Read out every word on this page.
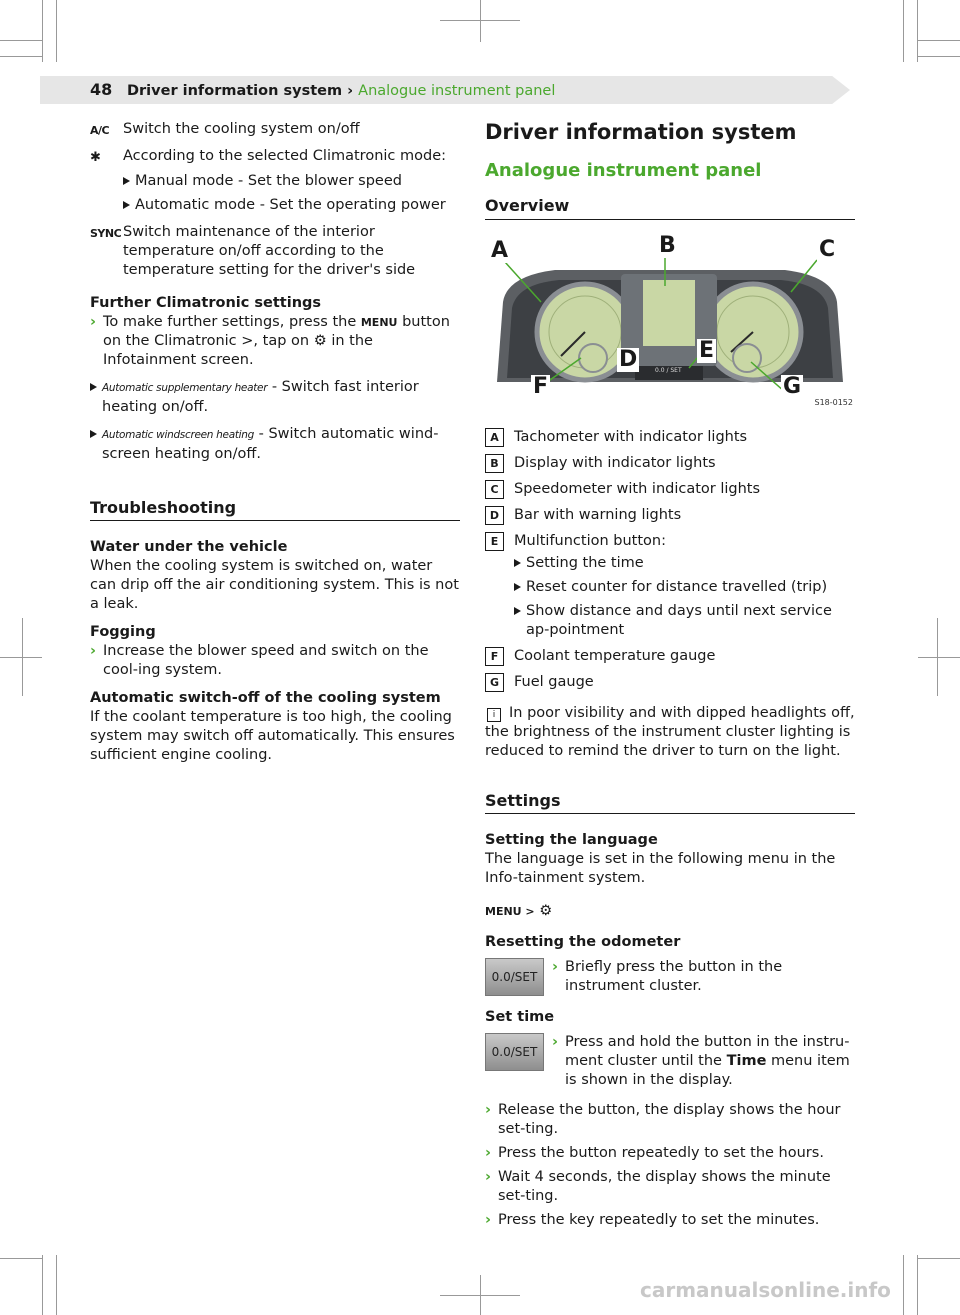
48 Driver information system › Analogue instrument panel
A/C Switch the cooling system on/off
✱ According to the selected Climatronic mode:
Manual mode - Set the blower speed
Automatic mode - Set the operating power
SYNC Switch maintenance of the interior temperature on/off according to the temperature setting for the driver's side
Further Climatronic settings
› To make further settings, press the MENU button on the Climatronic >, tap on ⚙ in the Infotainment screen.
Automatic supplementary heater - Switch fast interior heating on/off.
Automatic windscreen heating - Switch automatic wind-screen heating on/off.
Troubleshooting
Water under the vehicle

When the cooling system is switched on, water can drip off the air conditioning system. This is not a leak.

Fogging
› Increase the blower speed and switch on the cool-ing system.
Automatic switch-off of the cooling system

If the coolant temperature is too high, the cooling system may switch off automatically. This ensures sufficient engine cooling.

Driver information system
Analogue instrument panel
Overview
0.0 / SET
A	B	C
D	E
F	G
S18-0152
A	Tachometer with indicator lights
B	Display with indicator lights
C	Speedometer with indicator lights
D	Bar with warning lights
E	Multifunction button:
Setting the time
Reset counter for distance travelled (trip)
Show distance and days until next service ap-pointment
F	Coolant temperature gauge
G	Fuel gauge

i In poor visibility and with dipped headlights off, the brightness of the instrument cluster lighting is reduced to remind the driver to turn on the light.

Settings
Setting the language

The language is set in the following menu in the Info-tainment system.

MENU > ⚙

Resetting the odometer
0.0/SET
› Briefly press the button in the instrument cluster.
Set time
0.0/SET
› Press and hold the button in the instru-ment cluster until the Time menu item is shown in the display.
› Release the button, the display shows the hour set-ting.
› Press the button repeatedly to set the hours.
› Wait 4 seconds, the display shows the minute set-ting.
› Press the key repeatedly to set the minutes.
carmanualsonline.info
